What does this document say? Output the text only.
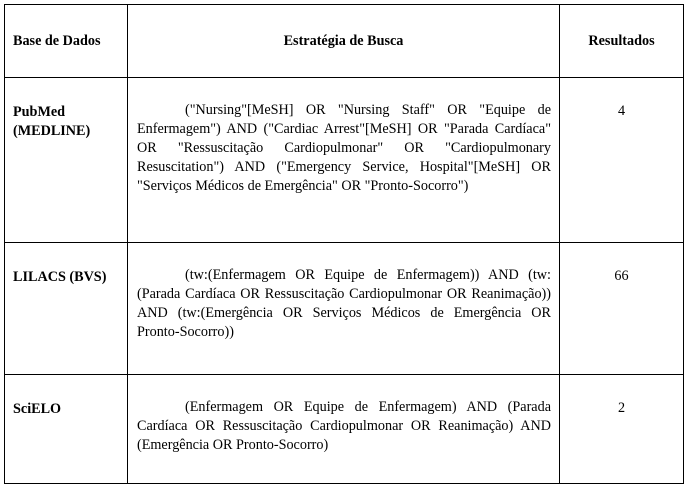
Base de Dados	Estratégia de Busca	Resultados
PubMed (MEDLINE)	("Nursing"[MeSH] OR "Nursing Staff" OR "Equipe de Enfermagem") AND ("Cardiac Arrest"[MeSH] OR "Parada Cardíaca" OR "Ressuscitação Cardiopulmonar" OR "Cardiopulmonary Resuscitation") AND ("Emergency Service, Hospital"[MeSH] OR "Serviços Médicos de Emergência" OR "Pronto-Socorro")	4
LILACS (BVS)	(tw:(Enfermagem OR Equipe de Enfermagem)) AND (tw:(Parada Cardíaca OR Ressuscitação Cardiopulmonar OR Reanimação)) AND (tw:(Emergência OR Serviços Médicos de Emergência OR Pronto-Socorro))	66
SciELO	(Enfermagem OR Equipe de Enfermagem) AND (Parada Cardíaca OR Ressuscitação Cardiopulmonar OR Reanimação) AND (Emergência OR Pronto-Socorro)	2
